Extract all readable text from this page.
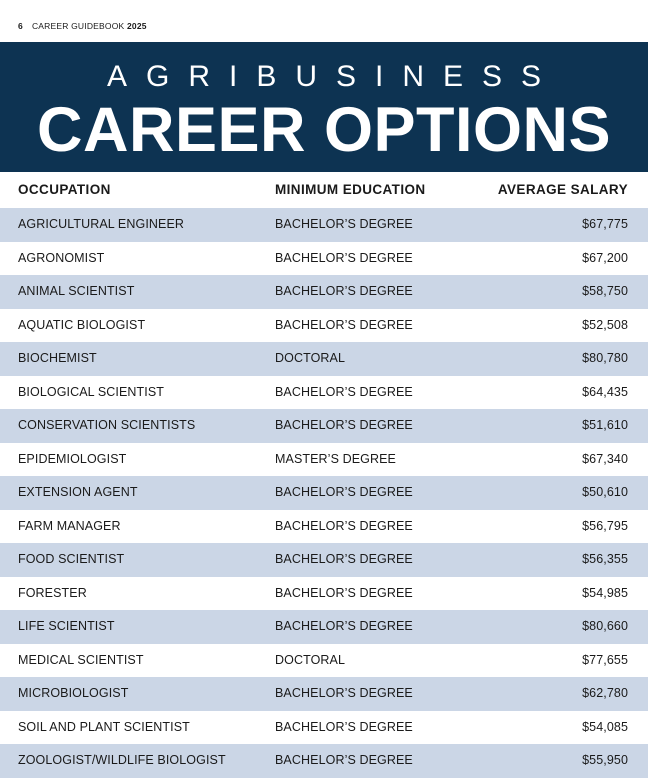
6 CAREER GUIDEBOOK 2025
AGRIBUSINESS
CAREER OPTIONS
OCCUPATION	MINIMUM EDUCATION	AVERAGE SALARY
AGRICULTURAL ENGINEER	BACHELOR’S DEGREE	$67,775
AGRONOMIST	BACHELOR’S DEGREE	$67,200
ANIMAL SCIENTIST	BACHELOR’S DEGREE	$58,750
AQUATIC BIOLOGIST	BACHELOR’S DEGREE	$52,508
BIOCHEMIST	DOCTORAL	$80,780
BIOLOGICAL SCIENTIST	BACHELOR’S DEGREE	$64,435
CONSERVATION SCIENTISTS	BACHELOR’S DEGREE	$51,610
EPIDEMIOLOGIST	MASTER’S DEGREE	$67,340
EXTENSION AGENT	BACHELOR’S DEGREE	$50,610
FARM MANAGER	BACHELOR’S DEGREE	$56,795
FOOD SCIENTIST	BACHELOR’S DEGREE	$56,355
FORESTER	BACHELOR’S DEGREE	$54,985
LIFE SCIENTIST	BACHELOR’S DEGREE	$80,660
MEDICAL SCIENTIST	DOCTORAL	$77,655
MICROBIOLOGIST	BACHELOR’S DEGREE	$62,780
SOIL AND PLANT SCIENTIST	BACHELOR’S DEGREE	$54,085
ZOOLOGIST/WILDLIFE BIOLOGIST	BACHELOR’S DEGREE	$55,950
